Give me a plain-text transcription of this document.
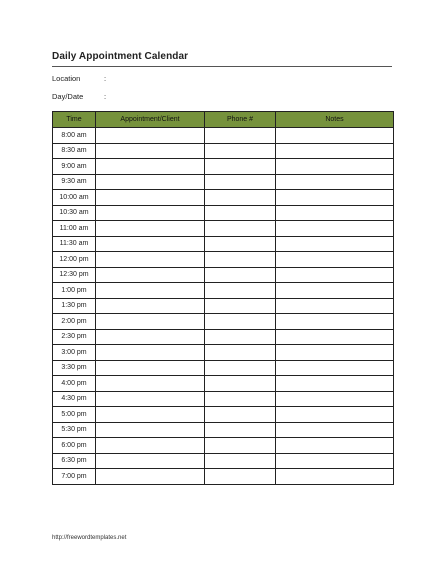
Daily Appointment Calendar
Location	:
Day/Date	:
Time	Appointment/Client	Phone #	Notes
8:00 am			
8:30 am			
9:00 am			
9:30 am			
10:00 am			
10:30 am			
11:00 am			
11:30 am			
12:00 pm			
12:30 pm			
1:00 pm			
1:30 pm			
2:00 pm			
2:30 pm			
3:00 pm			
3:30 pm			
4:00 pm			
4:30 pm			
5:00 pm			
5:30 pm			
6:00 pm			
6:30 pm			
7:00 pm			
http://freewordtemplates.net
